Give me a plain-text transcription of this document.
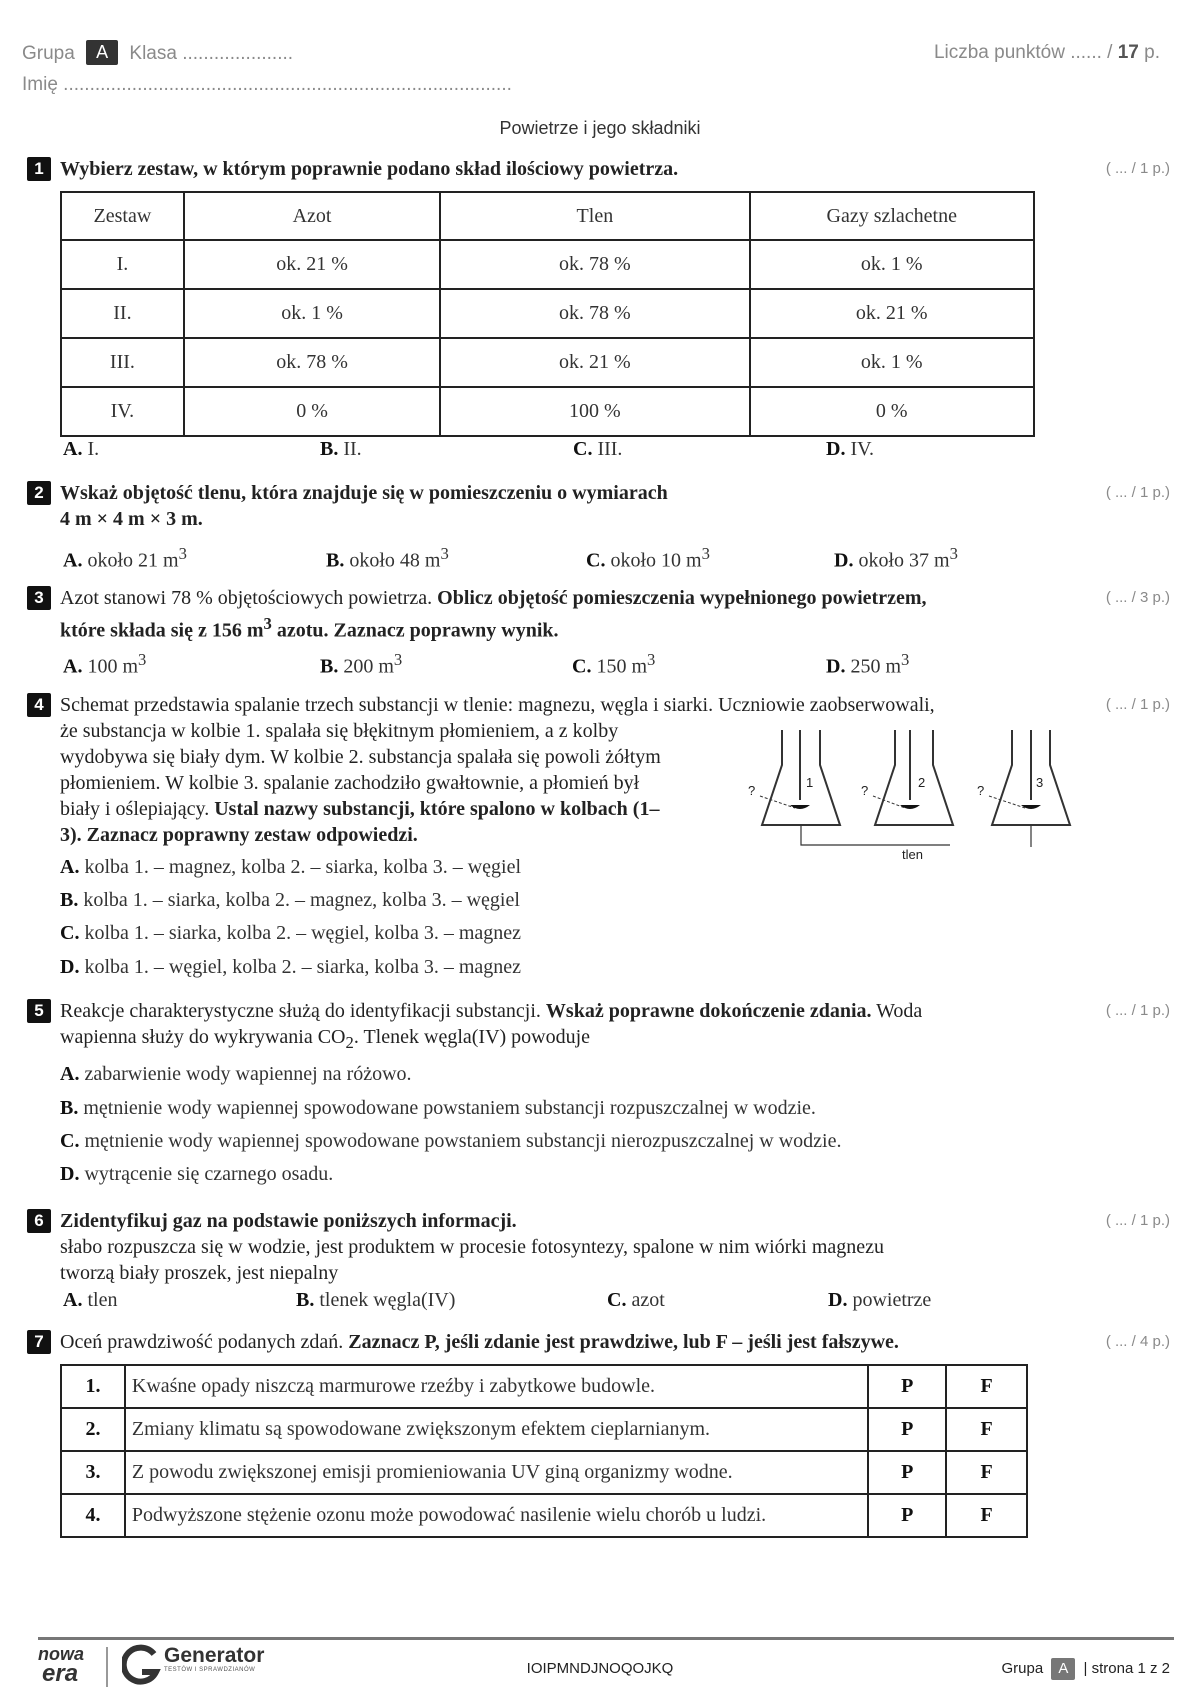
Grupa A Klasa .....................	Liczba punktów ...... / 17 p.
Imię .....................................................................................
Powietrze i jego składniki
1 Wybierz zestaw, w którym poprawnie podano skład ilościowy powietrza.	( ... / 1 p.)
Zestaw	Azot	Tlen	Gazy szlachetne
I.	ok. 21 %	ok. 78 %	ok. 1 %
II.	ok. 1 %	ok. 78 %	ok. 21 %
III.	ok. 78 %	ok. 21 %	ok. 1 %
IV.	0 %	100 %	0 %
A. I.	B. II.	C. III.	D. IV.
2 Wskaż objętość tlenu, która znajduje się w pomieszczeniu o wymiarach
4 m × 4 m × 3 m.
( ... / 1 p.)
A. około 21 $m^3$	B. około 48 $m^3$	C. około 10 $m^3$	D. około 37 $m^3$
3 Azot stanowi 78 % objętościowych powietrza. Oblicz objętość pomieszczenia wypełnionego powietrzem,
które składa się z 156 $m^3$ azotu. Zaznacz poprawny wynik.
( ... / 3 p.)
A. 100 $m^3$	B. 200 $m^3$	C. 150 $m^3$	D. 250 $m^3$
4 Schemat przedstawia spalanie trzech substancji w tlenie: magnezu, węgla i siarki. Uczniowie zaobserwowali,
że substancja w kolbie 1. spalała się błękitnym płomieniem, a z kolby
wydobywa się biały dym. W kolbie 2. substancja spalała się powoli żółtym
płomieniem. W kolbie 3. spalanie zachodziło gwałtownie, a płomień był
biały i oślepiający. Ustal nazwy substancji, które spalono w kolbach (1–
3). Zaznacz poprawny zestaw odpowiedzi.
( ... / 1 p.)
?	?	?
1	2	3
tlen
A. kolba 1. – magnez, kolba 2. – siarka, kolba 3. – węgiel
B. kolba 1. – siarka, kolba 2. – magnez, kolba 3. – węgiel
C. kolba 1. – siarka, kolba 2. – węgiel, kolba 3. – magnez
D. kolba 1. – węgiel, kolba 2. – siarka, kolba 3. – magnez
5 Reakcje charakterystyczne służą do identyfikacji substancji. Wskaż poprawne dokończenie zdania. Woda
wapienna służy do wykrywania $CO_2$. Tlenek węgla(IV) powoduje
( ... / 1 p.)
A. zabarwienie wody wapiennej na różowo.
B. mętnienie wody wapiennej spowodowane powstaniem substancji rozpuszczalnej w wodzie.
C. mętnienie wody wapiennej spowodowane powstaniem substancji nierozpuszczalnej w wodzie.
D. wytrącenie się czarnego osadu.
6 Zidentyfikuj gaz na podstawie poniższych informacji.
słabo rozpuszcza się w wodzie, jest produktem w procesie fotosyntezy, spalone w nim wiórki magnezu
tworzą biały proszek, jest niepalny
( ... / 1 p.)
A. tlen	B. tlenek węgla(IV)	C. azot	D. powietrze
7 Oceń prawdziwość podanych zdań. Zaznacz P, jeśli zdanie jest prawdziwe, lub F – jeśli jest fałszywe.	( ... / 4 p.)
1.	Kwaśne opady niszczą marmurowe rzeźby i zabytkowe budowle.	P	F
2.	Zmiany klimatu są spowodowane zwiększonym efektem cieplarnianym.	P	F
3.	Z powodu zwiększonej emisji promieniowania UV giną organizmy wodne.	P	F
4.	Podwyższone stężenie ozonu może powodować nasilenie wielu chorób u ludzi.	P	F
nowa
era
Generator
TESTÓW I SPRAWDZIANÓW	IOIPMNDJNOQOJKQ	Grupa A | strona 1 z 2
